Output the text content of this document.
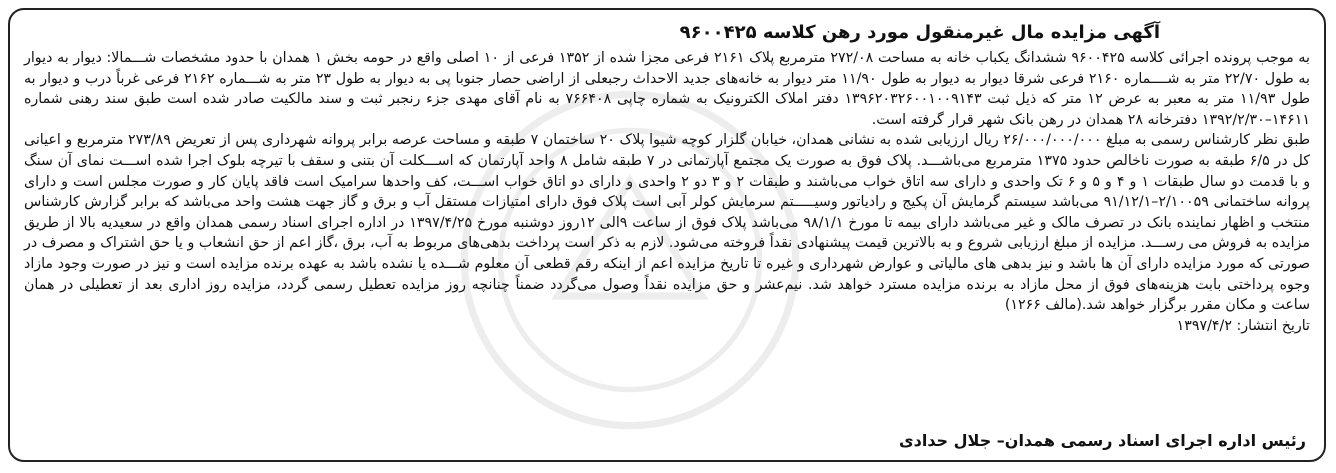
آگهی مزایده مال غیرمنقول مورد رهن کلاسه ۹۶۰۰۴۲۵

به موجب پرونده اجرائی کلاسه ۹۶۰۰۴۲۵ ششدانگ یکباب خانه به مساحت ۲۷۲/۰۸ مترمربع پلاک ۲۱۶۱ فرعی مجزا شده از ۱۳۵۲ فرعی از ۱۰ اصلی واقع در حومه بخش ۱ همدان با حدود مشخصات شـــمالا: دیوار به دیوار به طول ۲۲/۷۰ متر به شــــماره ۲۱۶۰ فرعی شرقا دیوار به دیوار به طول ۱۱/۹۰ متر دیوار به خانه‌های جدید الاحداث رجبعلی از اراضی حصار جنوبا پی به دیوار به طول ۲۳ متر به شـــماره ۲۱۶۲ فرعی غرباً درب و دیوار به طول ۱۱/۹۳ متر به معبر به عرض ۱۲ متر که ذیل ثبت ۱۳۹۶۲۰۳۲۶۰۰۱۰۰۹۱۴۳ دفتر املاک الکترونیک به شماره چاپی ۷۶۶۴۰۸ به نام آقای مهدی جزء رنجبر ثبت و سند مالکیت صادر شده است طبق سند رهنی شماره ۱۴۶۱۱–۱۳۹۲/۲/۳۰ دفترخانه ۲۸ همدان در رهن بانک شهر قرار گرفته است.

طبق نظر کارشناس رسمی به مبلغ ۲۶/۰۰۰/۰۰۰/۰۰۰ ریال ارزیابی شده به نشانی همدان، خیابان گلزار کوچه شیوا پلاک ۲۰ ساختمان ۷ طبقه و مساحت عرصه برابر پروانه شهرداری پس از تعریض ۲۷۳/۸۹ مترمربع و اعیانی کل در ۶/۵ طبقه به صورت ناخالص حدود ۱۳۷۵ مترمربع می‌باشـــد. پلاک فوق به صورت یک مجتمع آپارتمانی در ۷ طبقه شامل ۸ واحد آپارتمان که اســـکلت آن بتنی و سقف با تیرچه بلوک اجرا شده اســـت نمای آن سنگ و با قدمت دو سال طبقات ۱ و ۴ و ۵ و ۶ تک واحدی و دارای سه اتاق خواب می‌باشند و طبقات ۲ و ۳ دو ۲ واحدی و دارای دو اتاق خواب اســـت، کف واحدها سرامیک است فاقد پایان کار و صورت مجلس است و دارای پروانه ساختمانی ۲/۱۰۰۵۹–۹۱/۱۲/۱ می‌باشد سیستم گرمایش آن پکیج و رادیاتور وسیـــــتم سرمایش کولر آبی است پلاک فوق دارای امتیازات مستقل آب و برق و گاز جهت هشت واحد می‌باشد که برابر گزارش کارشناس منتخب و اظهار نماینده بانک در تصرف مالک و غیر می‌باشد دارای بیمه تا مورخ ۹۸/۱/۱ می‌باشد پلاک فوق از ساعت ۹الی ۱۲روز دوشنبه مورخ ۱۳۹۷/۴/۲۵ در اداره اجرای اسناد رسمی همدان واقع در سعیدیه بالا از طریق مزایده به فروش می رســـد. مزایده از مبلغ ارزیابی شروع و به بالاترین قیمت پیشنهادی نقداً فروخته می‌شود. لازم به ذکر است پرداخت بدهی‌های مربوط به آب، برق ،گاز اعم از حق انشعاب و یا حق اشتراک و مصرف در صورتی که مورد مزایده دارای آن ها باشد و نیز بدهی های مالیاتی و عوارض شهرداری و غیره تا تاریخ مزایده اعم از اینکه رقم قطعی آن معلوم شـــده یا نشده باشد به عهده برنده مزایده است و نیز در صورت وجود مازاد وجوه پرداختی بابت هزینه‌های فوق از محل مازاد به برنده مزایده مسترد خواهد شد. نیم‌عشر و حق مزایده نقداً وصول می‌گردد ضمناً چنانچه روز مزایده تعطیل رسمی گردد، مزایده روز اداری بعد از تعطیلی در همان ساعت و مکان مقرر برگزار خواهد شد.(مالف ۱۲۶۶)

تاریخ انتشار: ۱۳۹۷/۴/۲
رئیس اداره اجرای اسناد رسمی همدان– جلال حدادی
